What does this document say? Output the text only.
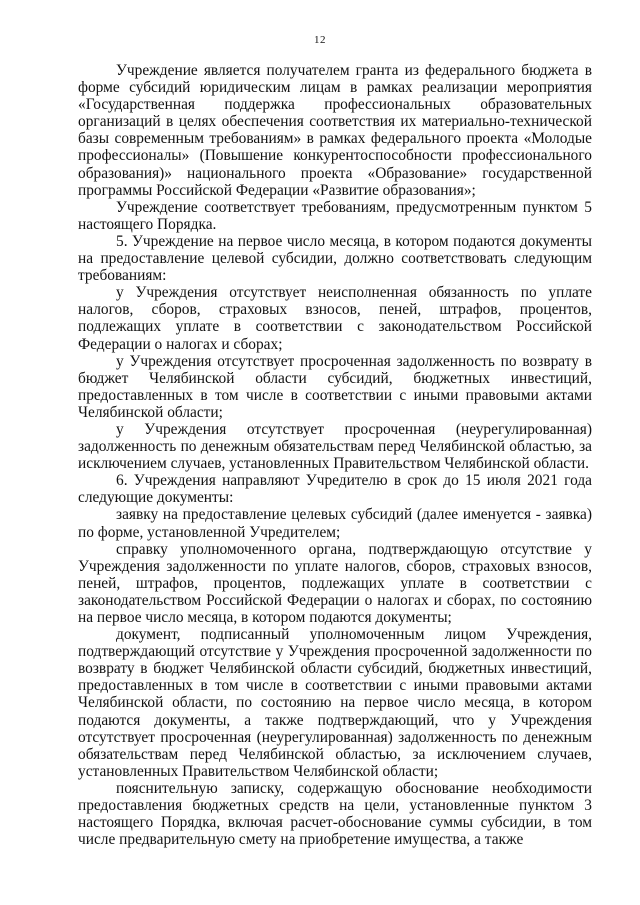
12

Учреждение является получателем гранта из федерального бюджета в форме субсидий юридическим лицам в рамках реализации мероприятия «Государственная поддержка профессиональных образовательных организаций в целях обеспечения соответствия их материально-технической базы современным требованиям» в рамках федерального проекта «Молодые профессионалы» (Повышение конкурентоспособности профессионального образования)» национального проекта «Образование» государственной программы Российской Федерации «Развитие образования»;

Учреждение соответствует требованиям, предусмотренным пунктом 5 настоящего Порядка.

5. Учреждение на первое число месяца, в котором подаются документы на предоставление целевой субсидии, должно соответствовать следующим требованиям:

у Учреждения отсутствует неисполненная обязанность по уплате налогов, сборов, страховых взносов, пеней, штрафов, процентов, подлежащих уплате в соответствии с законодательством Российской Федерации о налогах и сборах;

у Учреждения отсутствует просроченная задолженность по возврату в бюджет Челябинской области субсидий, бюджетных инвестиций, предоставленных в том числе в соответствии с иными правовыми актами Челябинской области;

у Учреждения отсутствует просроченная (неурегулированная) задолженность по денежным обязательствам перед Челябинской областью, за исключением случаев, установленных Правительством Челябинской области.

6. Учреждения направляют Учредителю в срок до 15 июля 2021 года следующие документы:

заявку на предоставление целевых субсидий (далее именуется - заявка) по форме, установленной Учредителем;

справку уполномоченного органа, подтверждающую отсутствие у Учреждения задолженности по уплате налогов, сборов, страховых взносов, пеней, штрафов, процентов, подлежащих уплате в соответствии с законодательством Российской Федерации о налогах и сборах, по состоянию на первое число месяца, в котором подаются документы;

документ, подписанный уполномоченным лицом Учреждения, подтверждающий отсутствие у Учреждения просроченной задолженности по возврату в бюджет Челябинской области субсидий, бюджетных инвестиций, предоставленных в том числе в соответствии с иными правовыми актами Челябинской области, по состоянию на первое число месяца, в котором подаются документы, а также подтверждающий, что у Учреждения отсутствует просроченная (неурегулированная) задолженность по денежным обязательствам перед Челябинской областью, за исключением случаев, установленных Правительством Челябинской области;

пояснительную записку, содержащую обоснование необходимости предоставления бюджетных средств на цели, установленные пунктом 3 настоящего Порядка, включая расчет-обоснование суммы субсидии, в том числе предварительную смету на приобретение имущества, а также
